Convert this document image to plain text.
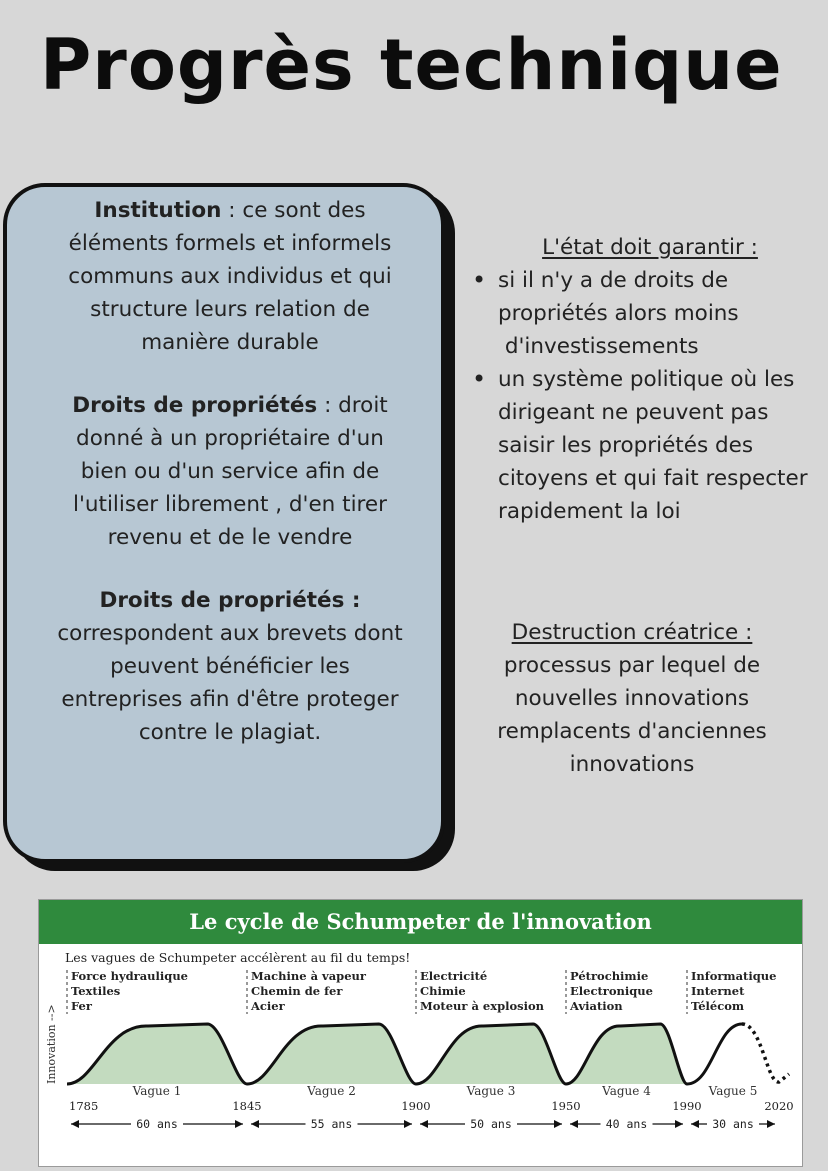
Progrès technique
Institution : ce sont des
éléments formels et informels
communs aux individus et qui
structure leurs relation de
manière durable
Droits de propriétés : droit
donné à un propriétaire d'un
bien ou d'un service afin de
l'utiliser librement , d'en tirer
revenu et de le vendre
Droits de propriétés :
correspondent aux brevets dont
peuvent bénéficier les
entreprises afin d'être proteger
contre le plagiat.
L'état doit garantir :
• si il n'y a de droits de
propriétés alors moins
d'investissements
• un système politique où les
dirigeant ne peuvent pas
saisir les propriétés des
citoyens et qui fait respecter
rapidement la loi
Destruction créatrice :
processus par lequel de
nouvelles innovations
remplacents d'anciennes
innovations
Le cycle de Schumpeter de l'innovation
Les vagues de Schumpeter accélèrent au fil du temps!
Innovation -->
Force hydraulique
Textiles
Fer
Vague 1
60 ans
Machine à vapeur
Chemin de fer
Acier
Vague 2
55 ans
Electricité
Chimie
Moteur à explosion
Vague 3
50 ans
Pétrochimie
Electronique
Aviation
Vague 4
40 ans
Informatique
Internet
Télécom
Vague 5
30 ans
1785	1845	1900	1950	1990	2020
